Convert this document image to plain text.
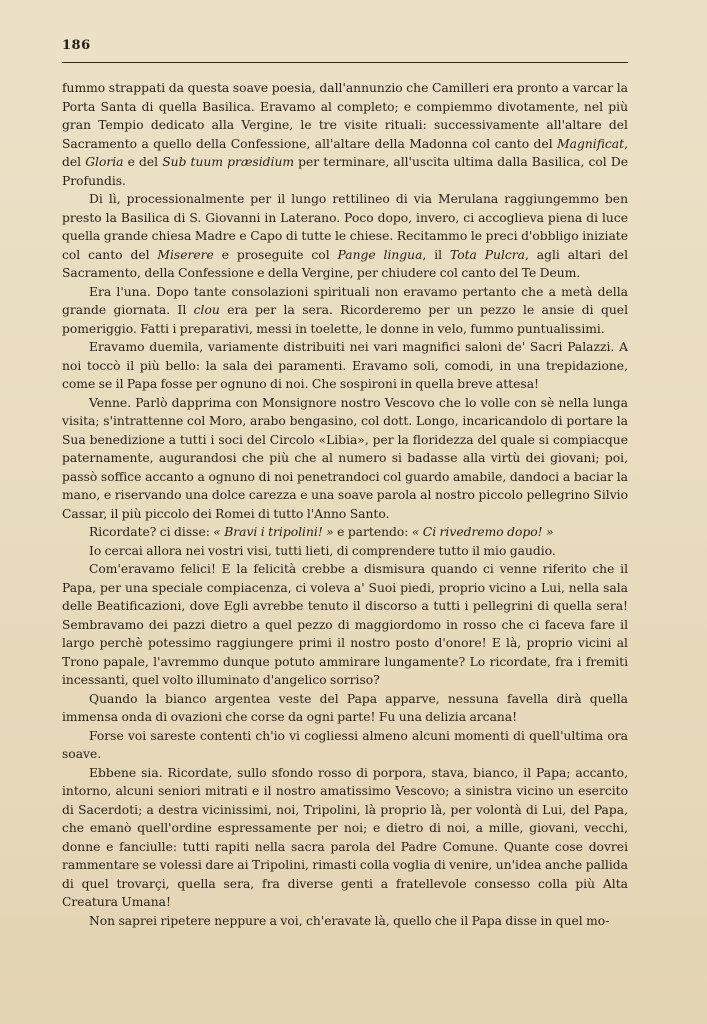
186

fummo strappati da questa soave poesia, dall'annunzio che Camilleri era pronto a varcar la Porta Santa di quella Basilica. Eravamo al completo; e compiemmo divotamente, nel più gran Tempio dedicato alla Vergine, le tre visite rituali: successivamente all'altare del Sacramento a quello della Confessione, all'altare della Madonna col canto del Magnificat, del Gloria e del Sub tuum præsidium per terminare, all'uscita ultima dalla Basilica, col De Profundis.

Di lì, processionalmente per il lungo rettilineo di via Merulana raggiungemmo ben presto la Basilica di S. Giovanni in Laterano. Poco dopo, invero, ci accoglieva piena di luce quella grande chiesa Madre e Capo di tutte le chiese. Recitammo le preci d'obbligo iniziate col canto del Miserere e proseguite col Pange lingua, il Tota Pulcra, agli altari del Sacramento, della Confessione e della Vergine, per chiudere col canto del Te Deum.

Era l'una. Dopo tante consolazioni spirituali non eravamo pertanto che a metà della grande giornata. Il clou era per la sera. Ricorderemo per un pezzo le ansie di quel pomeriggio. Fatti i preparativi, messi in toelette, le donne in velo, fummo puntualissimi.

Eravamo duemila, variamente distribuiti nei vari magnifici saloni de' Sacri Palazzi. A noi toccò il più bello: la sala dei paramenti. Eravamo soli, comodi, in una trepidazione, come se il Papa fosse per ognuno di noi. Che sospironi in quella breve attesa!

Venne. Parlò dapprima con Monsignore nostro Vescovo che lo volle con sè nella lunga visita; s'intrattenne col Moro, arabo bengasino, col dott. Longo, incaricandolo di portare la Sua benedizione a tutti i soci del Circolo «Libia», per la floridezza del quale si compiacque paternamente, augurandosi che più che al numero si badasse alla virtù dei giovani; poi, passò soffice accanto a ognuno di noi penetrandoci col guardo amabile, dandoci a baciar la mano, e riservando una dolce carezza e una soave parola al nostro piccolo pellegrino Silvio Cassar, il più piccolo dei Romei di tutto l'Anno Santo.

Ricordate? ci disse: « Bravi i tripolini! » e partendo: « Ci rivedremo dopo! »

Io cercai allora nei vostri visi, tutti lieti, di comprendere tutto il mio gaudio.

Com'eravamo felici! E la felicità crebbe a dismisura quando ci venne riferito che il Papa, per una speciale compiacenza, ci voleva a' Suoi piedi, proprio vicino a Lui, nella sala delle Beatificazioni, dove Egli avrebbe tenuto il discorso a tutti i pellegrini di quella sera! Sembravamo dei pazzi dietro a quel pezzo di maggiordomo in rosso che ci faceva fare il largo perchè potessimo raggiungere primi il nostro posto d'onore! E là, proprio vicini al Trono papale, l'avremmo dunque potuto ammirare lungamente? Lo ricordate, fra i fremiti incessanti, quel volto illuminato d'angelico sorriso?

Quando la bianco argentea veste del Papa apparve, nessuna favella dirà quella immensa onda di ovazioni che corse da ogni parte! Fu una delizia arcana!

Forse voi sareste contenti ch'io vi cogliessi almeno alcuni momenti di quell'ultima ora soave.

Ebbene sia. Ricordate, sullo sfondo rosso di porpora, stava, bianco, il Papa; accanto, intorno, alcuni seniori mitrati e il nostro amatissimo Vescovo; a sinistra vicino un esercito di Sacerdoti; a destra vicinissimi, noi, Tripolini, là proprio là, per volontà di Lui, del Papa, che emanò quell'ordine espressamente per noi; e dietro di noi, a mille, giovani, vecchi, donne e fanciulle: tutti rapiti nella sacra parola del Padre Comune. Quante cose dovrei rammentare se volessi dare ai Tripolini, rimasti colla voglia di venire, un'idea anche pallida di quel trovarçi, quella sera, fra diverse genti a fratellevole consesso colla più Alta Creatura Umana!

Non saprei ripetere neppure a voi, ch'eravate là, quello che il Papa disse in quel mo-
